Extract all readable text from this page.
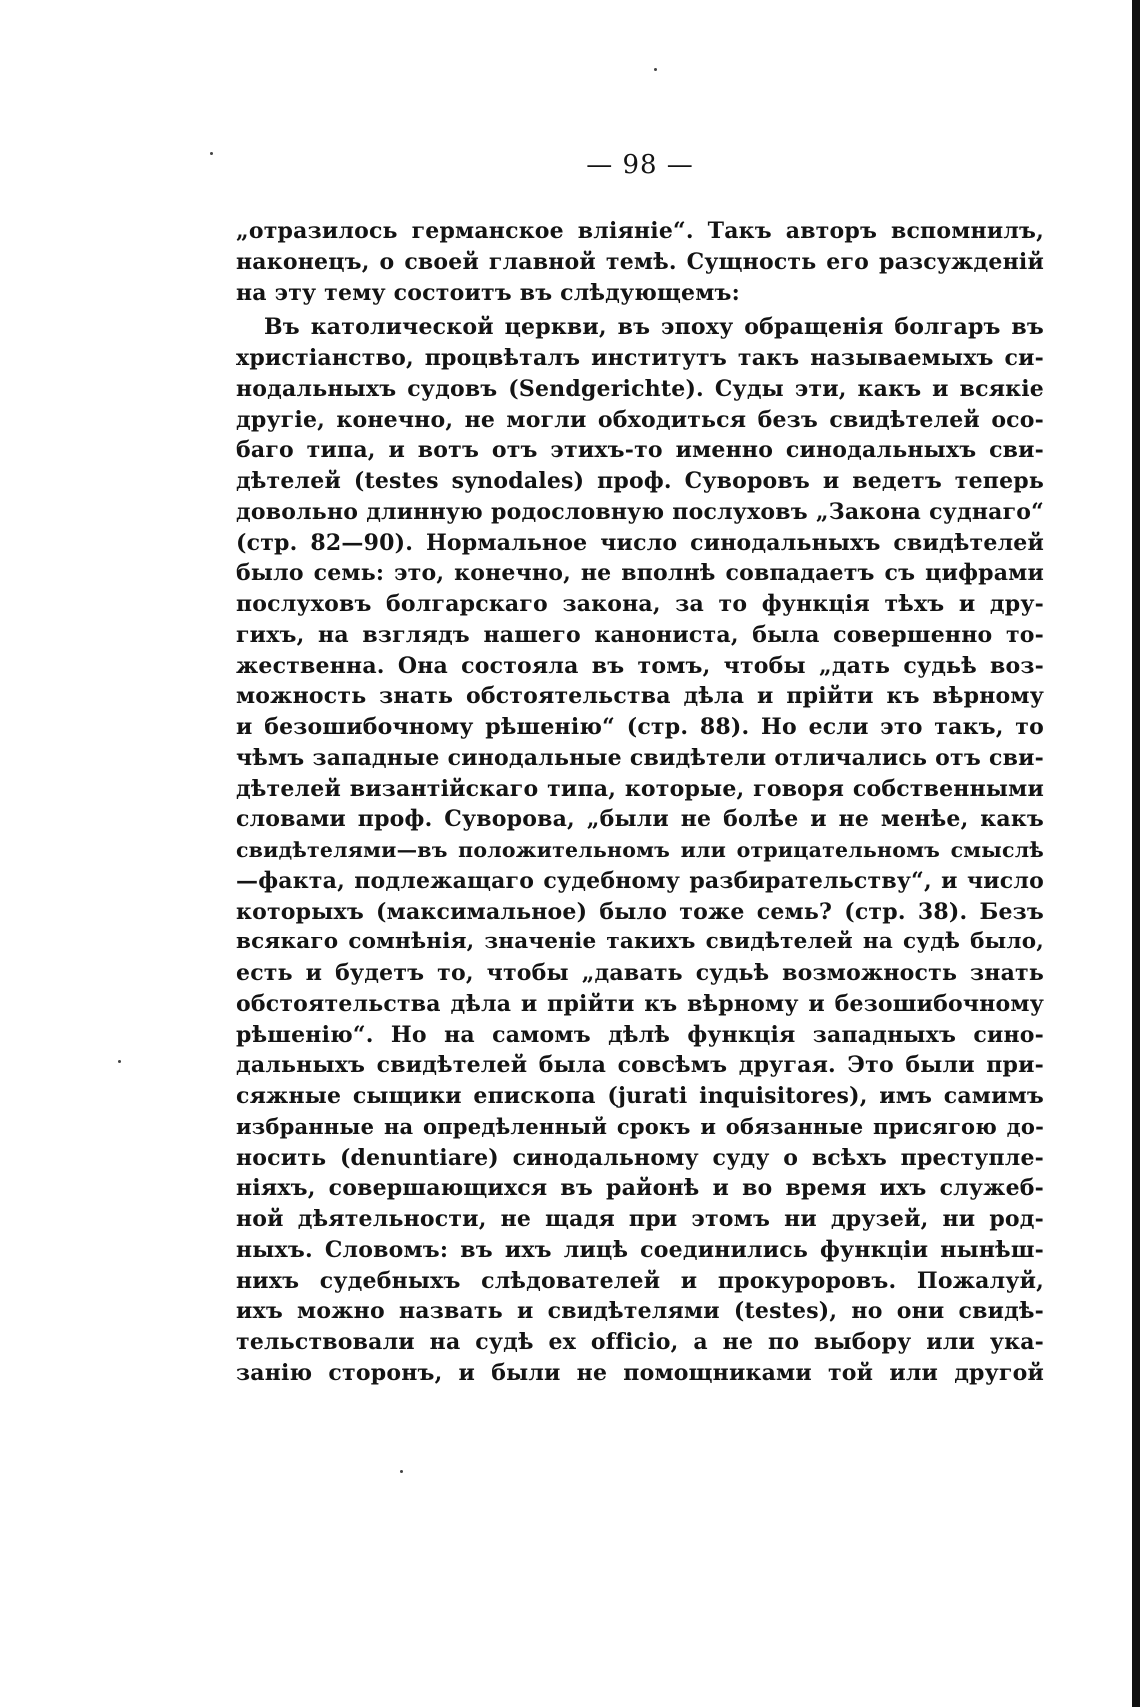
— 98 —
„отразилось германское вліяніе“. Такъ авторъ вспомнилъ,
наконецъ, о своей главной темѣ. Сущность его разсужденій
на эту тему состоитъ въ слѣдующемъ:
Въ католической церкви, въ эпоху обращенія болгаръ въ
христіанство, процвѣталъ институтъ такъ называемыхъ си-
нодальныхъ судовъ (Sendgerichte). Суды эти, какъ и всякіе
другіе, конечно, не могли обходиться безъ свидѣтелей осо-
баго типа, и вотъ отъ этихъ-то именно синодальныхъ сви-
дѣтелей (testes synodales) проф. Суворовъ и ведетъ теперь
довольно длинную родословную послуховъ „Закона суднаго“
(стр. 82—90). Нормальное число синодальныхъ свидѣтелей
было семь: это, конечно, не вполнѣ совпадаетъ съ цифрами
послуховъ болгарскаго закона, за то функція тѣхъ и дру-
гихъ, на взглядъ нашего канониста, была совершенно то-
жественна. Она состояла въ томъ, чтобы „дать судьѣ воз-
можность знать обстоятельства дѣла и прійти къ вѣрному
и безошибочному рѣшенію“ (стр. 88). Но если это такъ, то
чѣмъ западные синодальные свидѣтели отличались отъ сви-
дѣтелей византійскаго типа, которые, говоря собственными
словами проф. Суворова, „были не болѣе и не менѣе, какъ
свидѣтелями—въ положительномъ или отрицательномъ смыслѣ
—факта, подлежащаго судебному разбирательству“, и число
которыхъ (максимальное) было тоже семь? (стр. 38). Безъ
всякаго сомнѣнія, значеніе такихъ свидѣтелей на судѣ было,
есть и будетъ то, чтобы „давать судьѣ возможность знать
обстоятельства дѣла и прійти къ вѣрному и безошибочному
рѣшенію“. Но на самомъ дѣлѣ функція западныхъ сино-
дальныхъ свидѣтелей была совсѣмъ другая. Это были при-
сяжные сыщики епископа (jurati inquisitores), имъ самимъ
избранные на опредѣленный срокъ и обязанные присягою до-
носить (denuntiare) синодальному суду о всѣхъ преступле-
ніяхъ, совершающихся въ районѣ и во время ихъ служеб-
ной дѣятельности, не щадя при этомъ ни друзей, ни род-
ныхъ. Словомъ: въ ихъ лицѣ соединились функціи нынѣш-
нихъ судебныхъ слѣдователей и прокуроровъ. Пожалуй,
ихъ можно назвать и свидѣтелями (testes), но они свидѣ-
тельствовали на судѣ ex officio, а не по выбору или ука-
занію сторонъ, и были не помощниками той или другой
